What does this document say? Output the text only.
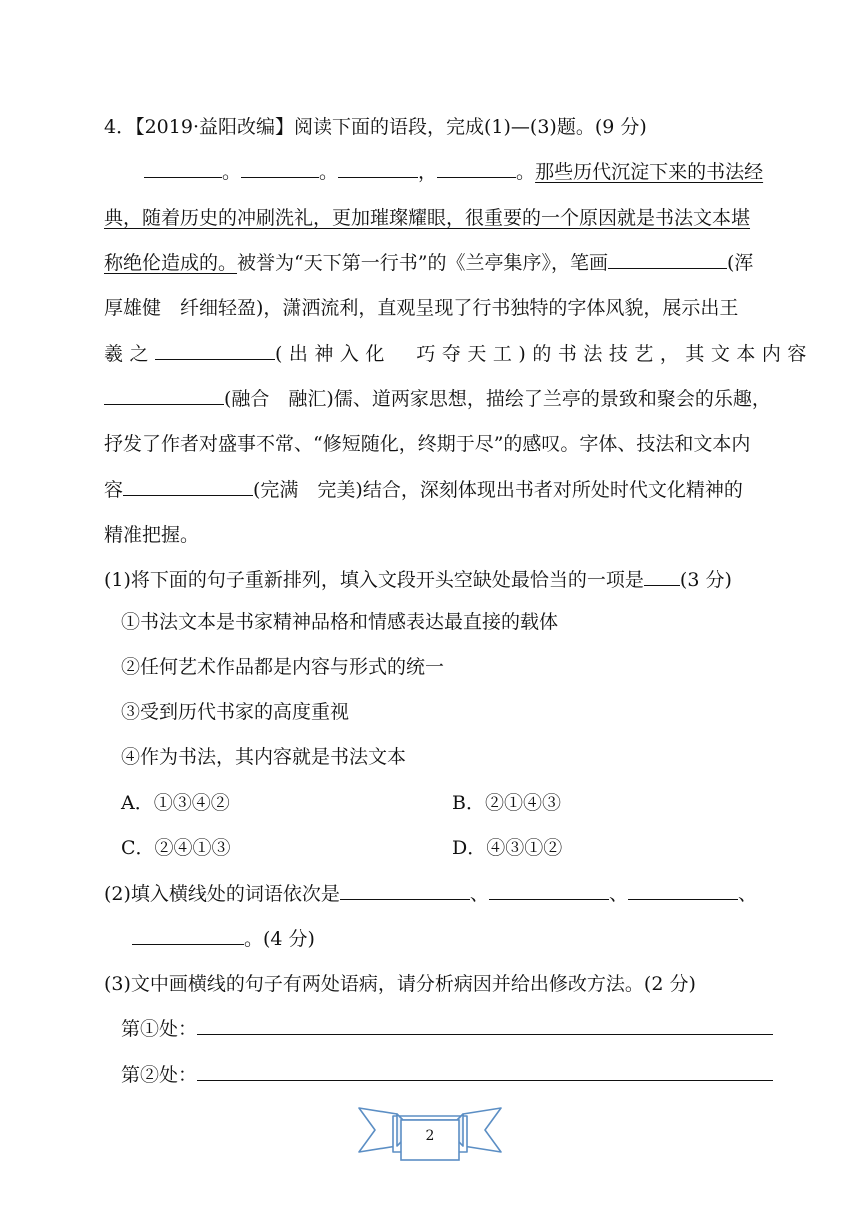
4．【2019·益阳改编】阅读下面的语段，完成(1)—(3)题。(9 分)
。	。	，	。那些历代沉淀下来的书法经
典，随着历史的冲刷洗礼，更加璀璨耀眼，很重要的一个原因就是书法文本堪
称绝伦造成的。被誉为“天下第一行书”的《兰亭集序》，笔画	(浑
厚雄健　纤细轻盈)，潇洒流利，直观呈现了行书独特的字体风貌，展示出王
羲之	(出神入化　巧夺天工)的书法技艺，其文本内容
(融合　融汇)儒、道两家思想，描绘了兰亭的景致和聚会的乐趣，
抒发了作者对盛事不常、“修短随化，终期于尽”的感叹。字体、技法和文本内
容	(完满　完美)结合，深刻体现出书者对所处时代文化精神的
精准把握。
(1)将下面的句子重新排列，填入文段开头空缺处最恰当的一项是 (3 分)
①书法文本是书家精神品格和情感表达最直接的载体
②任何艺术作品都是内容与形式的统一
③受到历代书家的高度重视
④作为书法，其内容就是书法文本
A．①③④②	B．②①④③
C．②④①③	D．④③①②
(2)填入横线处的词语依次是	、	、	、
。(4 分)
(3)文中画横线的句子有两处语病，请分析病因并给出修改方法。(2 分)
第①处：
第②处：
2
